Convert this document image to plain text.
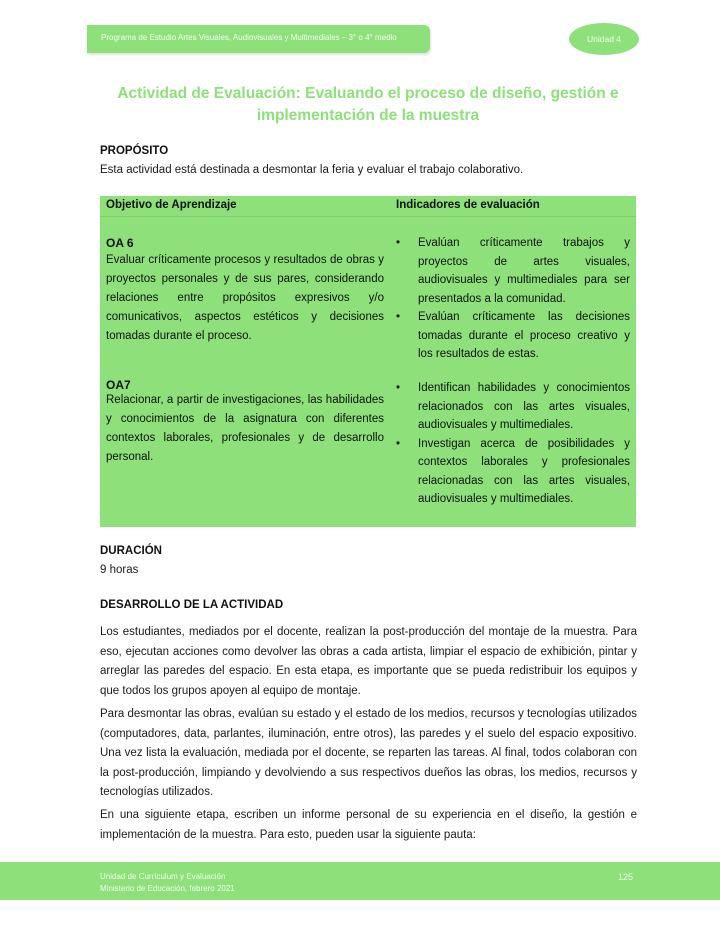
Programa de Estudio Artes Visuales, Audiovisuales y Multimediales – 3° o 4° medio	Unidad 4
Actividad de Evaluación: Evaluando el proceso de diseño, gestión e implementación de la muestra
PROPÓSITO
Esta actividad está destinada a desmontar la feria y evaluar el trabajo colaborativo.
Objetivo de Aprendizaje	Indicadores de evaluación
OA 6
Evaluar críticamente procesos y resultados de obras y proyectos personales y de sus pares, considerando relaciones entre propósitos expresivos y/o comunicativos, aspectos estéticos y decisiones tomadas durante el proceso.
• Evalúan críticamente trabajos y proyectos de artes visuales, audiovisuales y multimediales para ser presentados a la comunidad.
• Evalúan críticamente las decisiones tomadas durante el proceso creativo y los resultados de estas.
OA7
Relacionar, a partir de investigaciones, las habilidades y conocimientos de la asignatura con diferentes contextos laborales, profesionales y de desarrollo personal.
• Identifican habilidades y conocimientos relacionados con las artes visuales, audiovisuales y multimediales.
• Investigan acerca de posibilidades y contextos laborales y profesionales relacionadas con las artes visuales, audiovisuales y multimediales.
DURACIÓN
9 horas
DESARROLLO DE LA ACTIVIDAD
Los estudiantes, mediados por el docente, realizan la post-producción del montaje de la muestra. Para eso, ejecutan acciones como devolver las obras a cada artista, limpiar el espacio de exhibición, pintar y arreglar las paredes del espacio. En esta etapa, es importante que se pueda redistribuir los equipos y que todos los grupos apoyen al equipo de montaje.
Para desmontar las obras, evalúan su estado y el estado de los medios, recursos y tecnologías utilizados (computadores, data, parlantes, iluminación, entre otros), las paredes y el suelo del espacio expositivo. Una vez lista la evaluación, mediada por el docente, se reparten las tareas. Al final, todos colaboran con la post-producción, limpiando y devolviendo a sus respectivos dueños las obras, los medios, recursos y tecnologías utilizados.
En una siguiente etapa, escriben un informe personal de su experiencia en el diseño, la gestión e implementación de la muestra. Para esto, pueden usar la siguiente pauta:
Unidad de Currículum y Evaluación
Ministerio de Educación, febrero 2021
125
